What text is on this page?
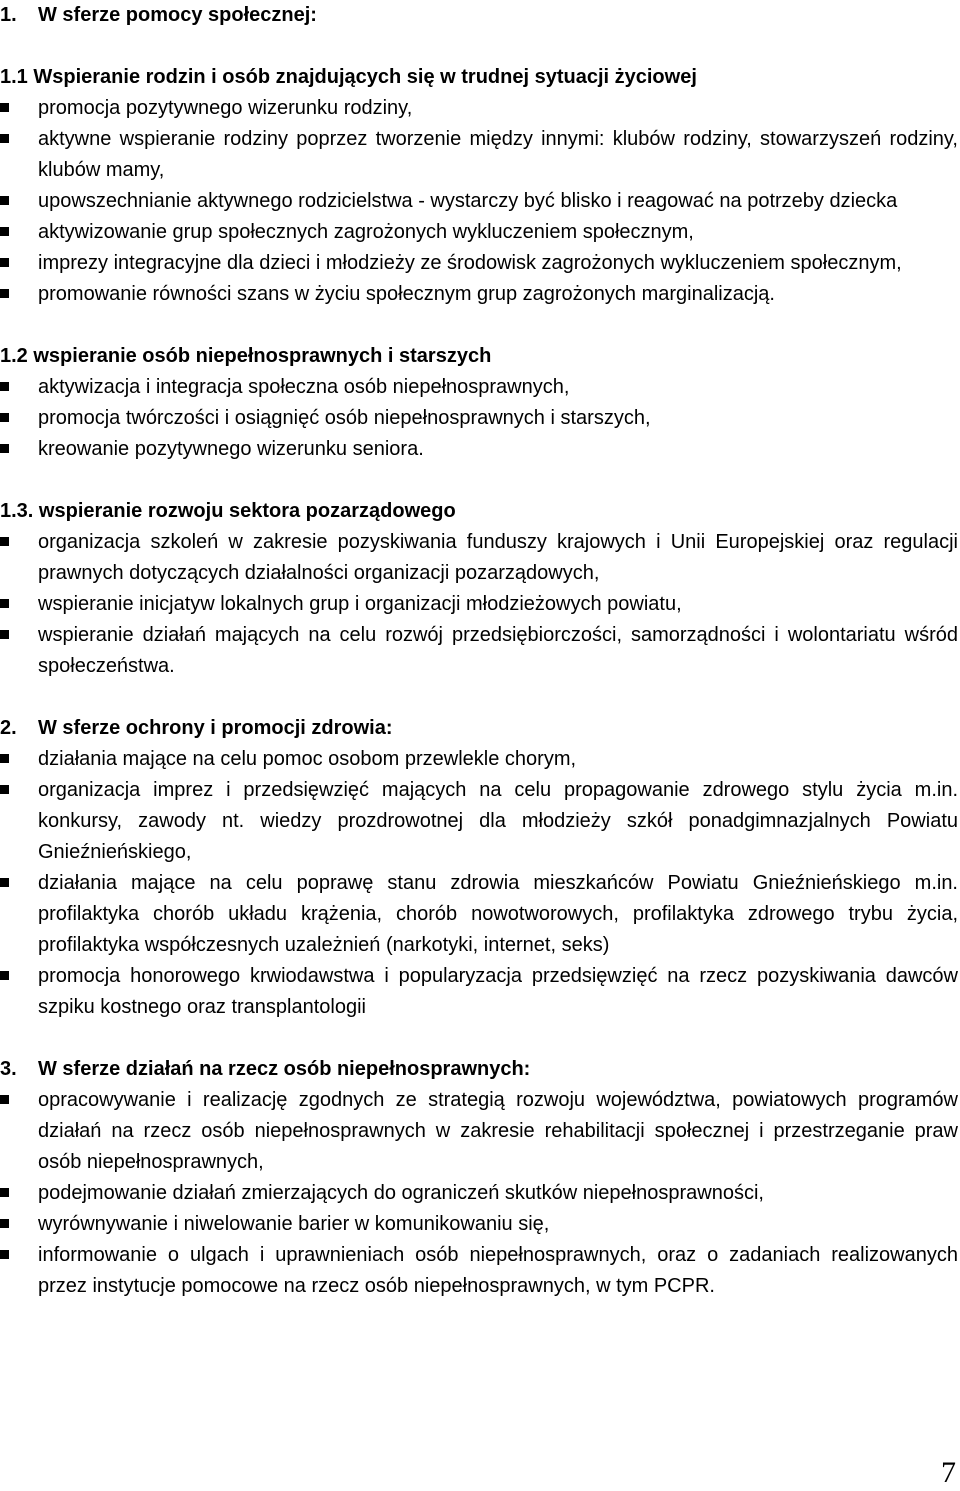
1. W sferze pomocy społecznej:
1.1 Wspieranie rodzin i osób znajdujących się w trudnej sytuacji życiowej
promocja pozytywnego wizerunku rodziny,
aktywne wspieranie rodziny poprzez tworzenie między innymi: klubów rodziny, stowarzyszeń rodziny, klubów mamy,
upowszechnianie aktywnego rodzicielstwa - wystarczy być blisko i reagować na potrzeby dziecka
aktywizowanie grup społecznych zagrożonych wykluczeniem społecznym,
imprezy integracyjne dla dzieci i młodzieży ze środowisk zagrożonych wykluczeniem społecznym,
promowanie równości szans w życiu społecznym grup zagrożonych marginalizacją.
1.2 wspieranie osób niepełnosprawnych i starszych
aktywizacja i integracja społeczna osób niepełnosprawnych,
promocja twórczości i osiągnięć osób niepełnosprawnych i starszych,
kreowanie pozytywnego wizerunku seniora.
1.3. wspieranie rozwoju sektora pozarządowego
organizacja szkoleń w zakresie pozyskiwania funduszy krajowych i Unii Europejskiej oraz regulacji prawnych dotyczących działalności organizacji pozarządowych,
wspieranie inicjatyw lokalnych grup i organizacji młodzieżowych powiatu,
wspieranie działań mających na celu rozwój przedsiębiorczości, samorządności i wolontariatu wśród społeczeństwa.
2. W sferze ochrony i promocji zdrowia:
działania mające na celu pomoc osobom przewlekle chorym,
organizacja imprez i przedsięwzięć mających na celu propagowanie zdrowego stylu życia m.in. konkursy, zawody nt. wiedzy prozdrowotnej dla młodzieży szkół ponadgimnazjalnych Powiatu Gnieźnieńskiego,
działania mające na celu poprawę stanu zdrowia mieszkańców Powiatu Gnieźnieńskiego m.in. profilaktyka chorób układu krążenia, chorób nowotworowych, profilaktyka zdrowego trybu życia, profilaktyka współczesnych uzależnień (narkotyki, internet, seks)
promocja honorowego krwiodawstwa i popularyzacja przedsięwzięć na rzecz pozyskiwania dawców szpiku kostnego oraz transplantologii
3. W sferze działań na rzecz osób niepełnosprawnych:
opracowywanie i realizację zgodnych ze strategią rozwoju województwa, powiatowych programów działań na rzecz osób niepełnosprawnych w zakresie rehabilitacji społecznej i przestrzeganie praw osób niepełnosprawnych,
podejmowanie działań zmierzających do ograniczeń skutków niepełnosprawności,
wyrównywanie i niwelowanie barier w komunikowaniu się,
informowanie o ulgach i uprawnieniach osób niepełnosprawnych, oraz o zadaniach realizowanych przez instytucje pomocowe na rzecz osób niepełnosprawnych, w tym PCPR.
7
